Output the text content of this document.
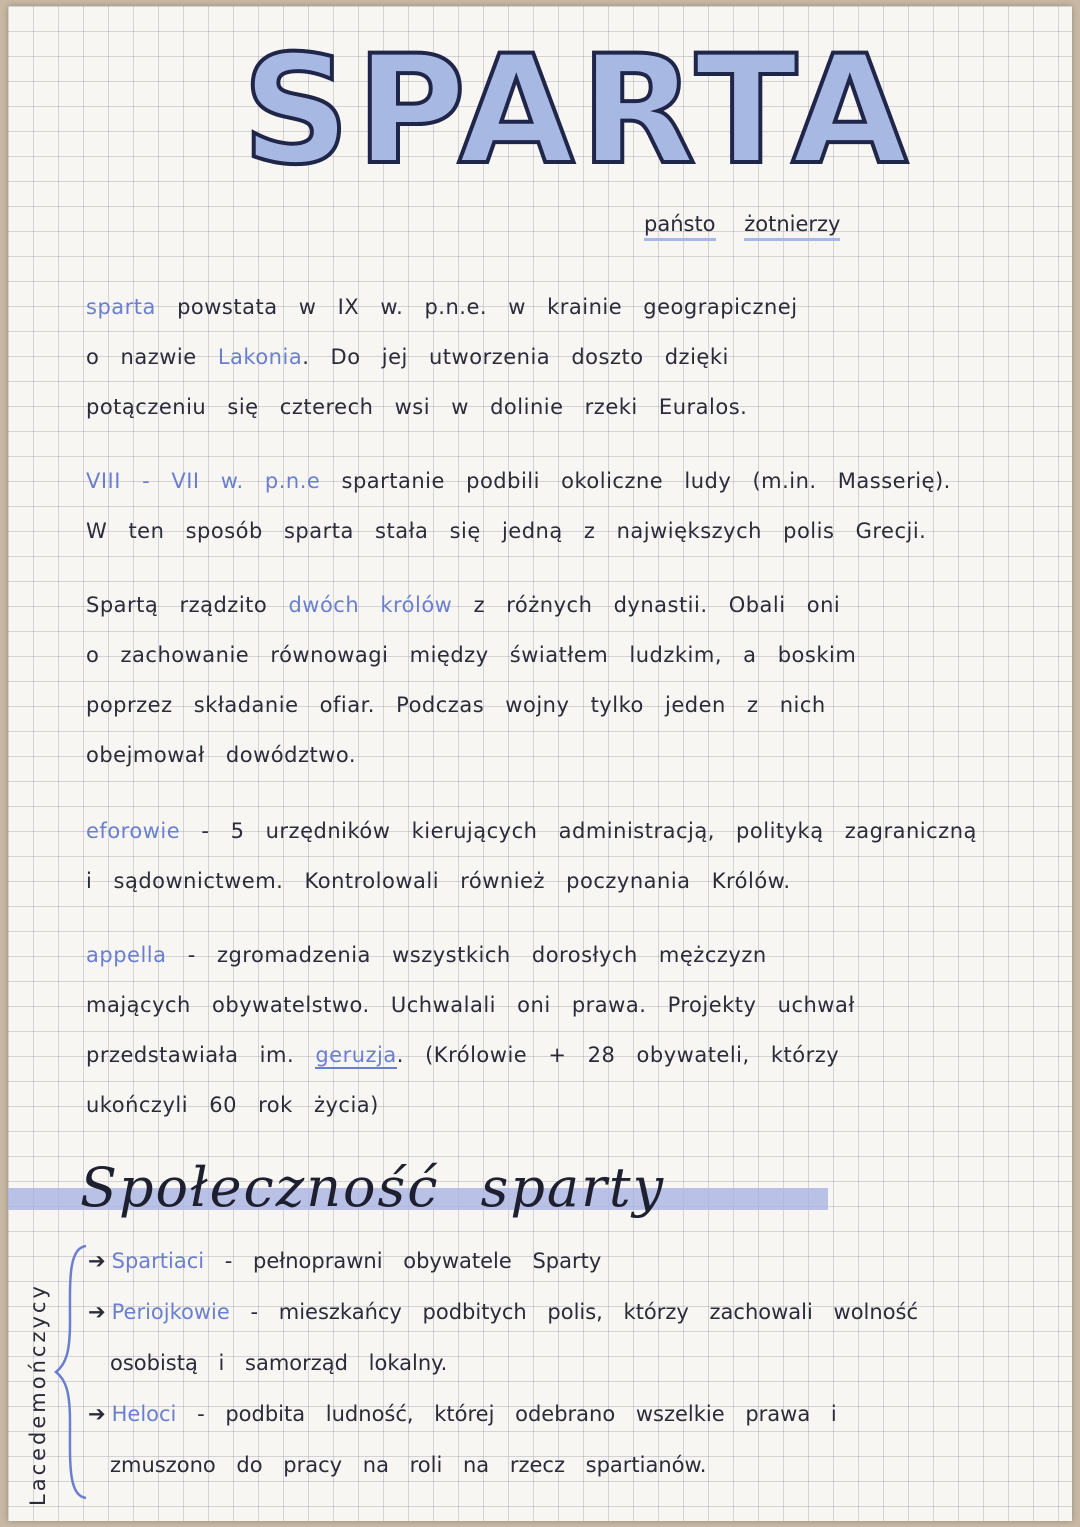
SPARTA
państo żotnierzy
sparta powstata w IX w. p.n.e. w krainie geograpicznej
o nazwie Lakonia. Do jej utworzenia doszto dzięki
potączeniu się czterech wsi w dolinie rzeki Euralos.
VIII - VII w. p.n.e spartanie podbili okoliczne ludy (m.in. Masserię).
W ten sposób sparta stała się jedną z największych polis Grecji.
Spartą rządzito dwóch królów z różnych dynastii. Obali oni
o zachowanie równowagi między światłem ludzkim, a boskim
poprzez składanie ofiar. Podczas wojny tylko jeden z nich
obejmował dowództwo.
eforowie - 5 urzędników kierujących administracją, polityką zagraniczną
i sądownictwem. Kontrolowali również poczynania Królów.
appella - zgromadzenia wszystkich dorosłych mężczyzn
mających obywatelstwo. Uchwalali oni prawa. Projekty uchwał
przedstawiała im. geruzja. (Królowie + 28 obywateli, którzy
ukończyli 60 rok życia)
Społeczność sparty
Lacedemończycy
➔ Spartiaci - pełnoprawni obywatele Sparty
➔ Periojkowie - mieszkańcy podbitych polis, którzy zachowali wolność
osobistą i samorząd lokalny.
➔ Heloci - podbita ludność, której odebrano wszelkie prawa i
zmuszono do pracy na roli na rzecz spartianów.
